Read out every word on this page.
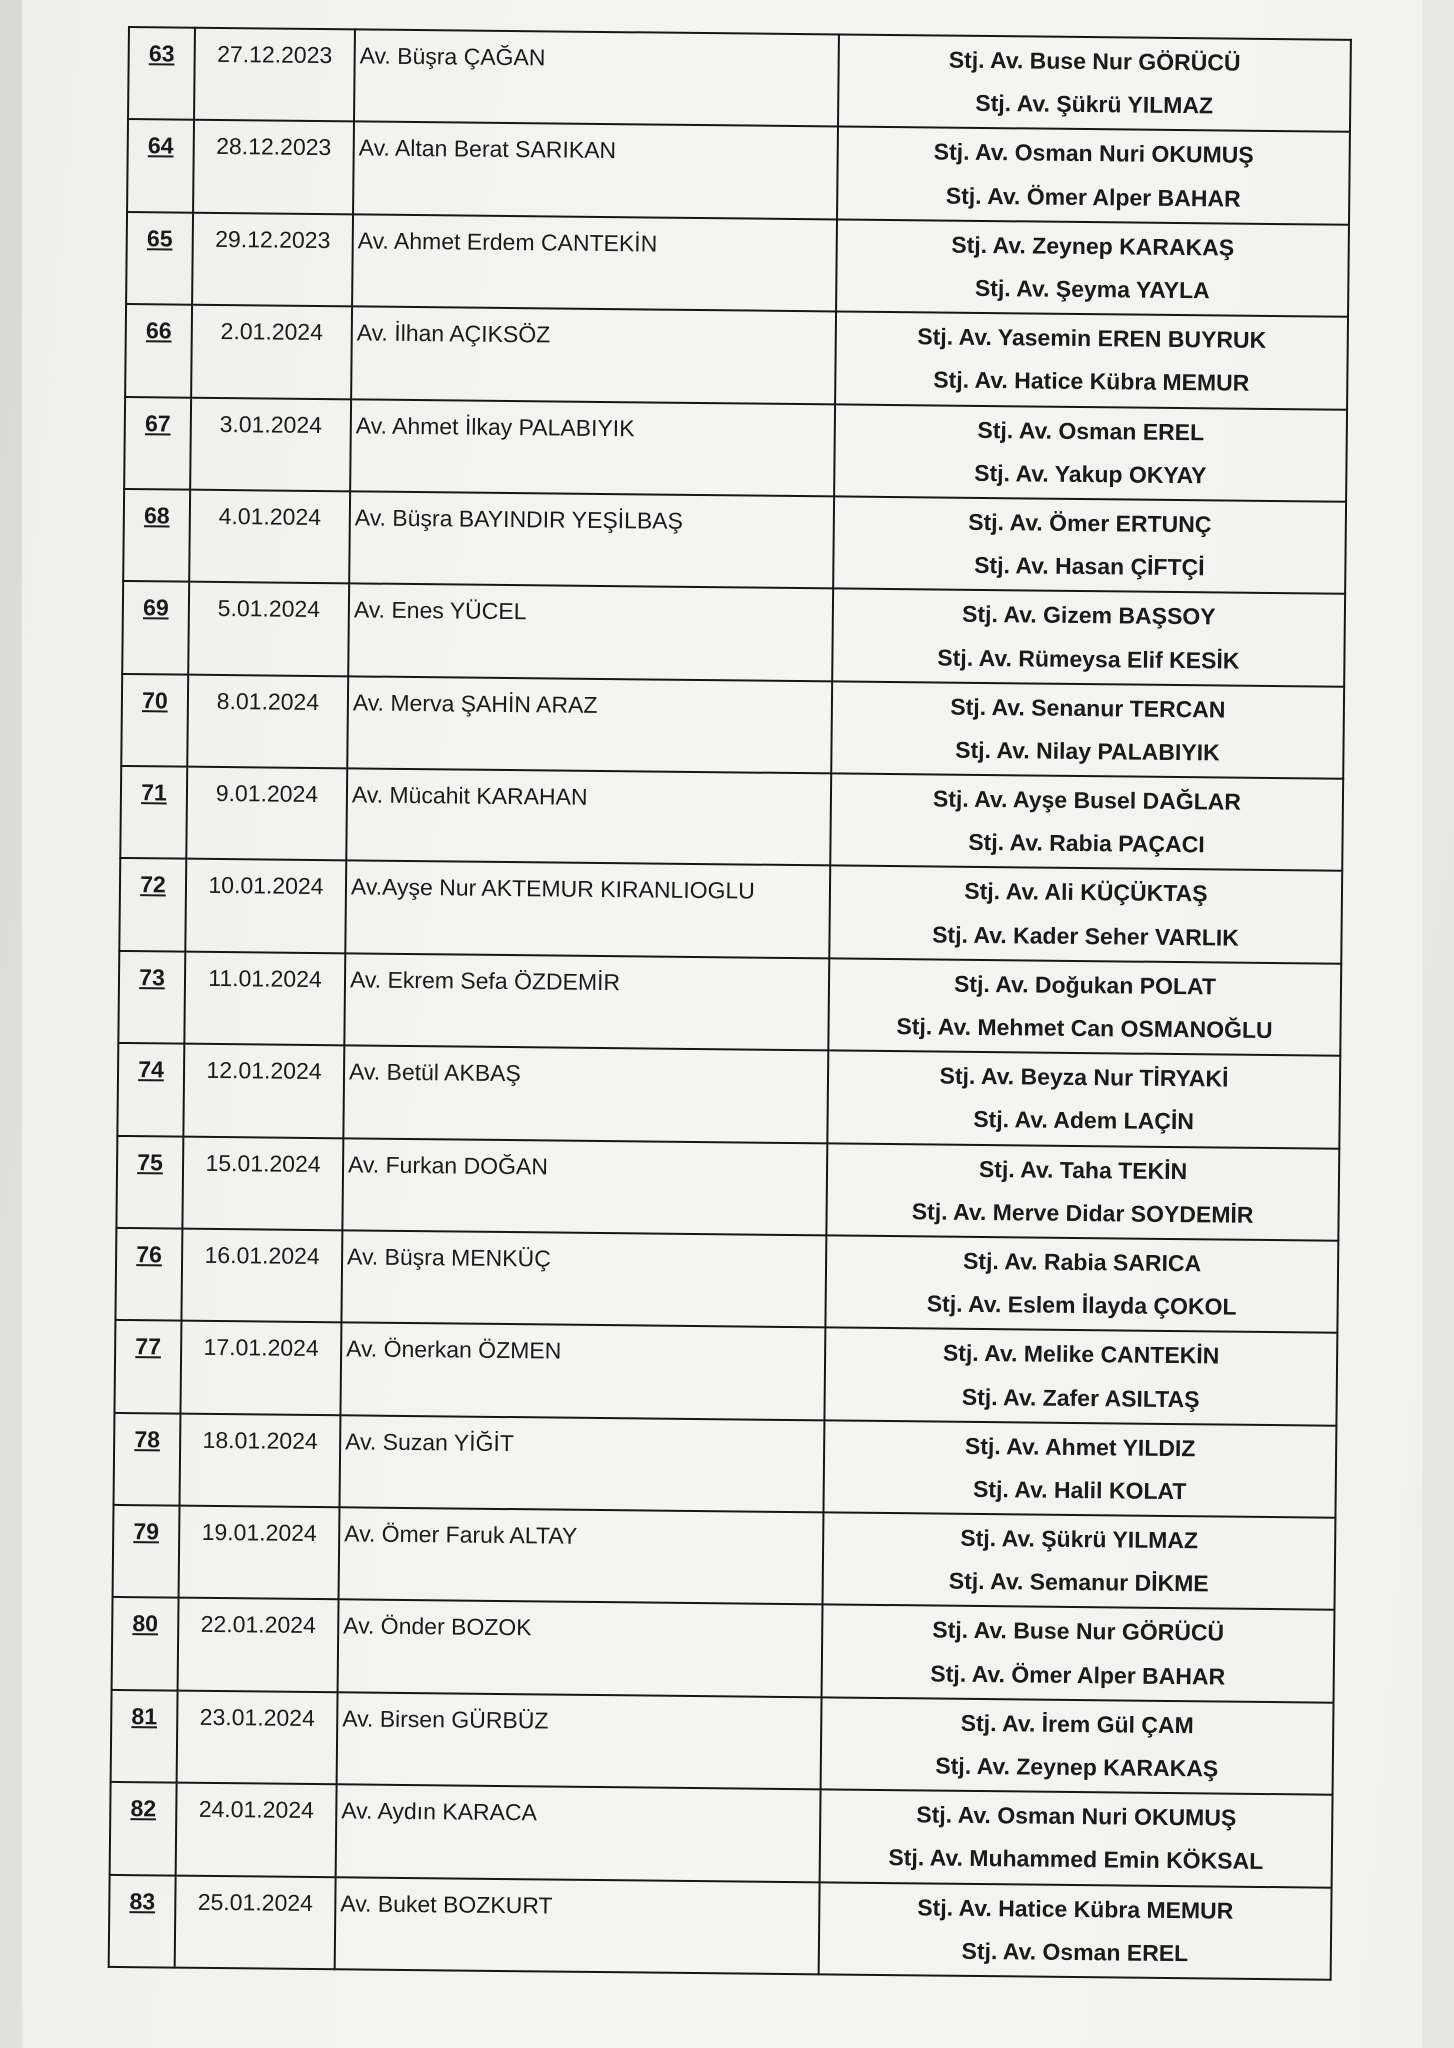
63	27.12.2023	Av. Büşra ÇAĞAN	Stj. Av. Buse Nur GÖRÜCÜ
Stj. Av. Şükrü YILMAZ

64	28.12.2023	Av. Altan Berat SARIKAN	Stj. Av. Osman Nuri OKUMUŞ
Stj. Av. Ömer Alper BAHAR

65	29.12.2023	Av. Ahmet Erdem CANTEKİN	Stj. Av. Zeynep KARAKAŞ
Stj. Av. Şeyma YAYLA

66	2.01.2024	Av. İlhan AÇIKSÖZ	Stj. Av. Yasemin EREN BUYRUK
Stj. Av. Hatice Kübra MEMUR

67	3.01.2024	Av. Ahmet İlkay PALABIYIK	Stj. Av. Osman EREL
Stj. Av. Yakup OKYAY

68	4.01.2024	Av. Büşra BAYINDIR YEŞİLBAŞ	Stj. Av. Ömer ERTUNÇ
Stj. Av. Hasan ÇİFTÇİ

69	5.01.2024	Av. Enes YÜCEL	Stj. Av. Gizem BAŞSOY
Stj. Av. Rümeysa Elif KESİK

70	8.01.2024	Av. Merva ŞAHİN ARAZ	Stj. Av. Senanur TERCAN
Stj. Av. Nilay PALABIYIK

71	9.01.2024	Av. Mücahit KARAHAN	Stj. Av. Ayşe Busel DAĞLAR
Stj. Av. Rabia PAÇACI

72	10.01.2024	Av.Ayşe Nur AKTEMUR KIRANLIOGLU	Stj. Av. Ali KÜÇÜKTAŞ
Stj. Av. Kader Seher VARLIK

73	11.01.2024	Av. Ekrem Sefa ÖZDEMİR	Stj. Av. Doğukan POLAT
Stj. Av. Mehmet Can OSMANOĞLU

74	12.01.2024	Av. Betül AKBAŞ	Stj. Av. Beyza Nur TİRYAKİ
Stj. Av. Adem LAÇİN

75	15.01.2024	Av. Furkan DOĞAN	Stj. Av. Taha TEKİN
Stj. Av. Merve Didar SOYDEMİR

76	16.01.2024	Av. Büşra MENKÜÇ	Stj. Av. Rabia SARICA
Stj. Av. Eslem İlayda ÇOKOL

77	17.01.2024	Av. Önerkan ÖZMEN	Stj. Av. Melike CANTEKİN
Stj. Av. Zafer ASILTAŞ

78	18.01.2024	Av. Suzan YİĞİT	Stj. Av. Ahmet YILDIZ
Stj. Av. Halil KOLAT

79	19.01.2024	Av. Ömer Faruk ALTAY	Stj. Av. Şükrü YILMAZ
Stj. Av. Semanur DİKME

80	22.01.2024	Av. Önder BOZOK	Stj. Av. Buse Nur GÖRÜCÜ
Stj. Av. Ömer Alper BAHAR

81	23.01.2024	Av. Birsen GÜRBÜZ	Stj. Av. İrem Gül ÇAM
Stj. Av. Zeynep KARAKAŞ

82	24.01.2024	Av. Aydın KARACA	Stj. Av. Osman Nuri OKUMUŞ
Stj. Av. Muhammed Emin KÖKSAL

83	25.01.2024	Av. Buket BOZKURT	Stj. Av. Hatice Kübra MEMUR
Stj. Av. Osman EREL
